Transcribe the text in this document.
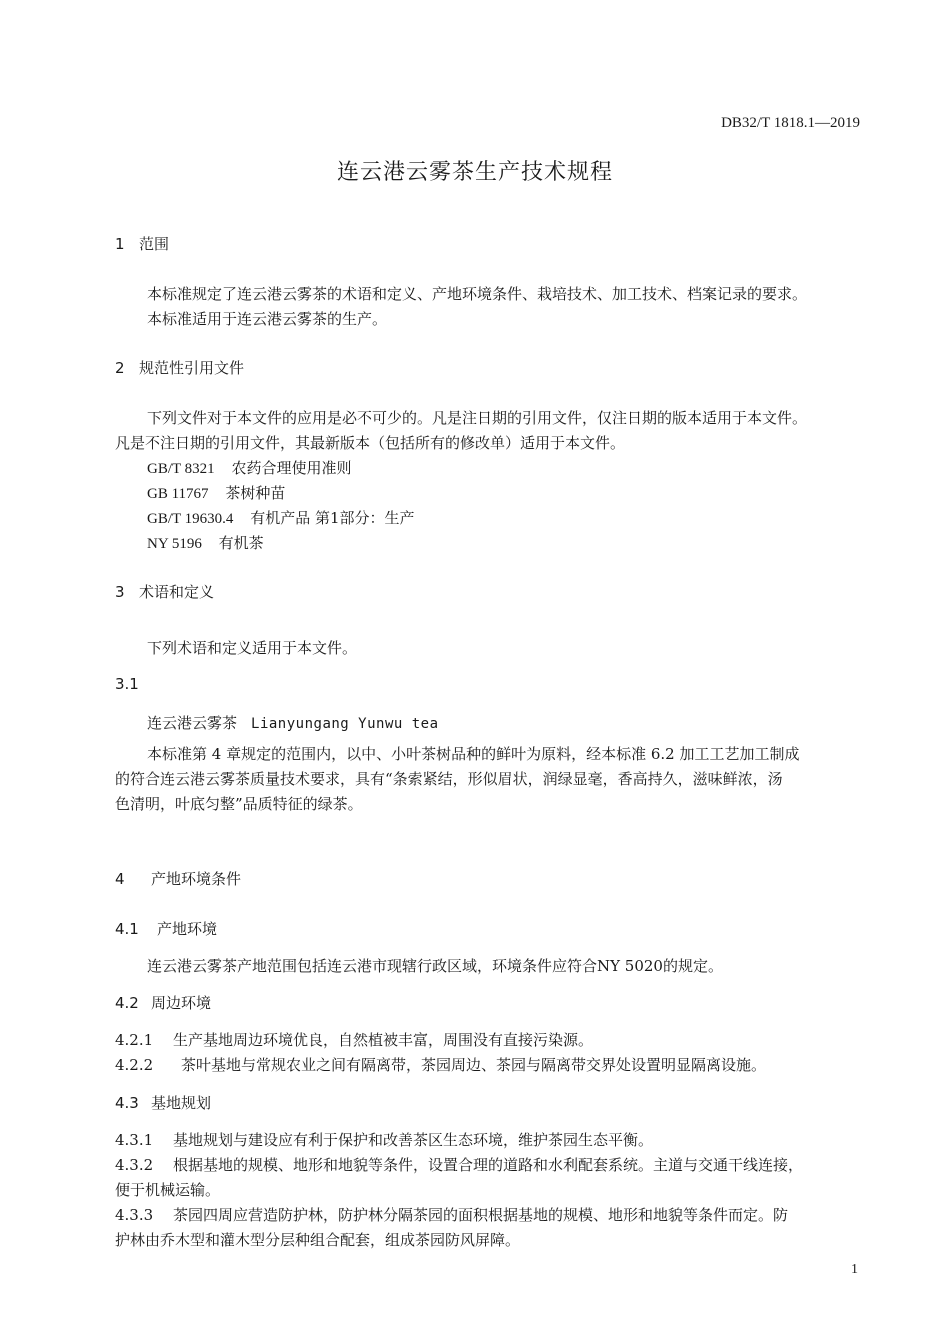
DB32/T 1818.1—2019
连云港云雾茶生产技术规程
1 范围
本标准规定了连云港云雾茶的术语和定义、产地环境条件、栽培技术、加工技术、档案记录的要求。
本标准适用于连云港云雾茶的生产。
2 规范性引用文件
下列文件对于本文件的应用是必不可少的。凡是注日期的引用文件，仅注日期的版本适用于本文件。
凡是不注日期的引用文件，其最新版本（包括所有的修改单）适用于本文件。
GB/T 8321 农药合理使用准则
GB 11767 茶树种苗
GB/T 19630.4 有机产品 第1部分：生产
NY 5196 有机茶
3 术语和定义
下列术语和定义适用于本文件。
3.1
连云港云雾茶 Lianyungang Yunwu tea
本标准第 4 章规定的范围内，以中、小叶茶树品种的鲜叶为原料，经本标准 6.2 加工工艺加工制成
的符合连云港云雾茶质量技术要求，具有“条索紧结，形似眉状，润绿显毫，香高持久，滋味鲜浓，汤
色清明，叶底匀整”品质特征的绿茶。
4 产地环境条件
4.1 产地环境
连云港云雾茶产地范围包括连云港市现辖行政区域，环境条件应符合NY 5020的规定。
4.2 周边环境
4.2.1 生产基地周边环境优良，自然植被丰富，周围没有直接污染源。
4.2.2 茶叶基地与常规农业之间有隔离带，茶园周边、茶园与隔离带交界处设置明显隔离设施。
4.3 基地规划
4.3.1 基地规划与建设应有利于保护和改善茶区生态环境，维护茶园生态平衡。
4.3.2 根据基地的规模、地形和地貌等条件，设置合理的道路和水利配套系统。主道与交通干线连接，
便于机械运输。
4.3.3 茶园四周应营造防护林，防护林分隔茶园的面积根据基地的规模、地形和地貌等条件而定。防
护林由乔木型和灌木型分层种组合配套，组成茶园防风屏障。
1
